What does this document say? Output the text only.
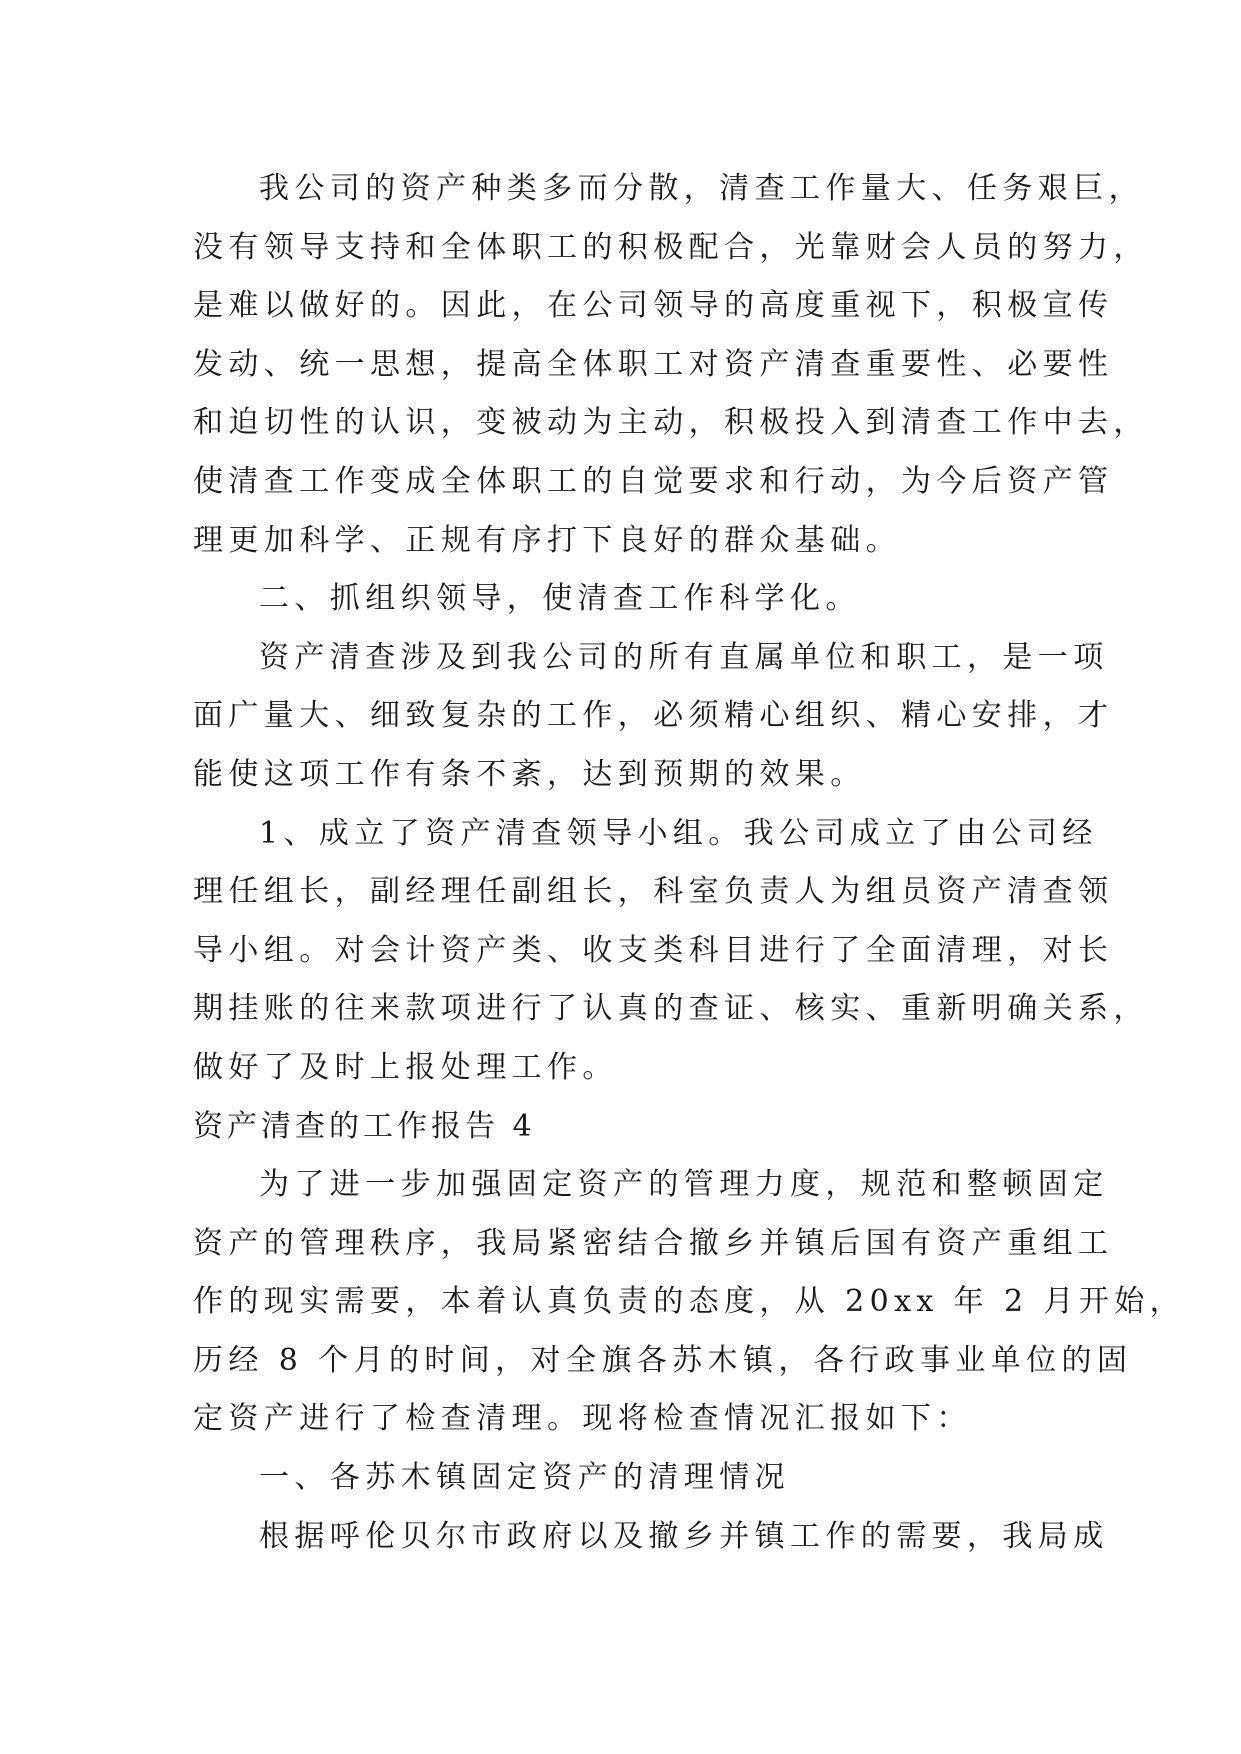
我公司的资产种类多而分散，清查工作量大、任务艰巨，
没有领导支持和全体职工的积极配合，光靠财会人员的努力，
是难以做好的。因此，在公司领导的高度重视下，积极宣传
发动、统一思想，提高全体职工对资产清查重要性、必要性
和迫切性的认识，变被动为主动，积极投入到清查工作中去，
使清查工作变成全体职工的自觉要求和行动，为今后资产管
理更加科学、正规有序打下良好的群众基础。
二、抓组织领导，使清查工作科学化。
资产清查涉及到我公司的所有直属单位和职工，是一项
面广量大、细致复杂的工作，必须精心组织、精心安排，才
能使这项工作有条不紊，达到预期的效果。
1、成立了资产清查领导小组。我公司成立了由公司经
理任组长，副经理任副组长，科室负责人为组员资产清查领
导小组。对会计资产类、收支类科目进行了全面清理，对长
期挂账的往来款项进行了认真的查证、核实、重新明确关系，
做好了及时上报处理工作。
资产清查的工作报告 4
为了进一步加强固定资产的管理力度，规范和整顿固定
资产的管理秩序，我局紧密结合撤乡并镇后国有资产重组工
作的现实需要，本着认真负责的态度，从 20xx 年 2 月开始，
历经 8 个月的时间，对全旗各苏木镇，各行政事业单位的固
定资产进行了检查清理。现将检查情况汇报如下：
一、各苏木镇固定资产的清理情况
根据呼伦贝尔市政府以及撤乡并镇工作的需要，我局成
